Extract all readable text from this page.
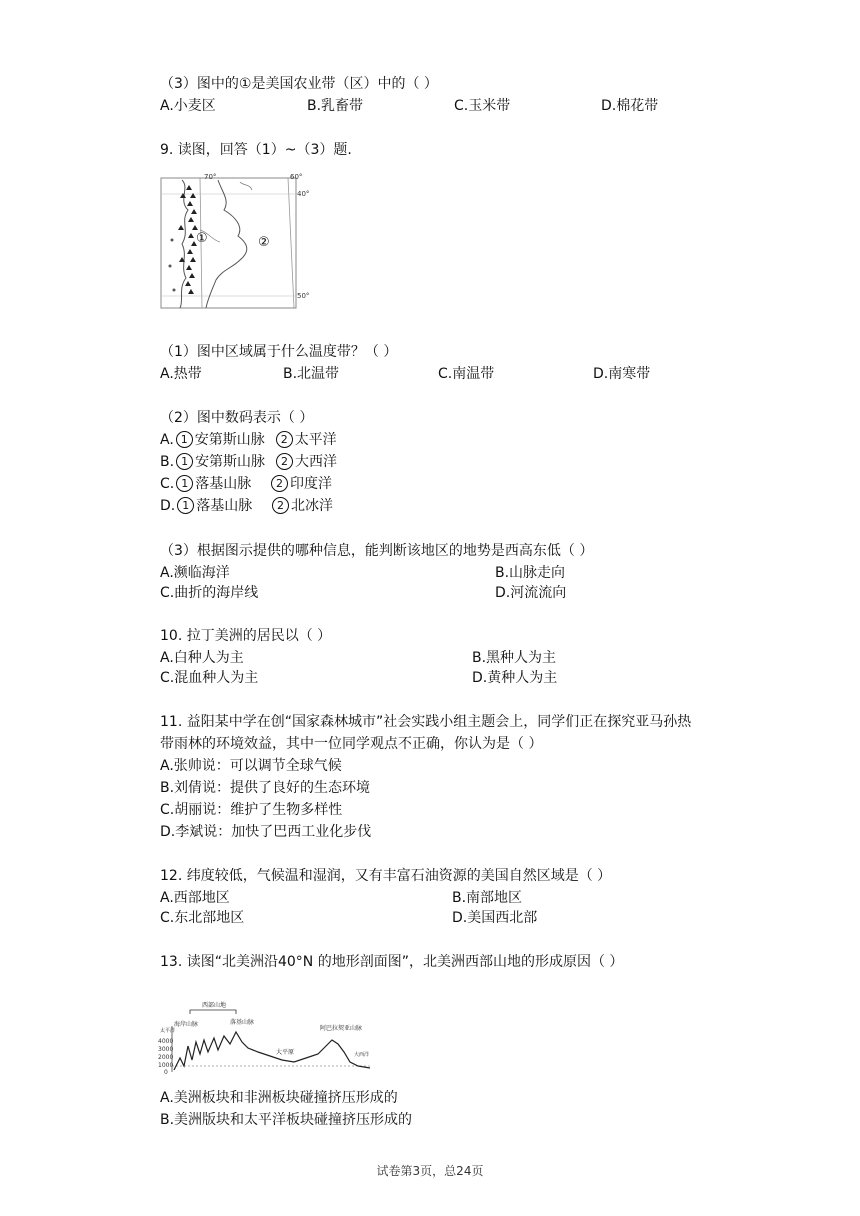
（3）图中的①是美国农业带（区）中的（ ）
A.小麦区	B.乳畜带	C.玉米带	D.棉花带
9. 读图，回答（1）~（3）题.
70°	60°
40°
50°
①	②
（1）图中区域属于什么温度带？（ ）
A.热带	B.北温带	C.南温带	D.南寒带
（2）图中数码表示（ ）
A. 1 安第斯山脉 2 太平洋
B. 1 安第斯山脉 2 大西洋
C. 1 落基山脉 2 印度洋
D. 1 落基山脉 2 北冰洋
（3）根据图示提供的哪种信息，能判断该地区的地势是西高东低（ ）
A.濒临海洋	B.山脉走向
C.曲折的海岸线	D.河流流向
10. 拉丁美洲的居民以（ ）
A.白种人为主	B.黑种人为主
C.混血种人为主	D.黄种人为主
11. 益阳某中学在创“国家森林城市”社会实践小组主题会上，同学们正在探究亚马孙热
带雨林的环境效益，其中一位同学观点不正确，你认为是（ ）
A.张帅说：可以调节全球气候
B.刘倩说：提供了良好的生态环境
C.胡丽说：维护了生物多样性
D.李斌说：加快了巴西工业化步伐
12. 纬度较低，气候温和湿润，又有丰富石油资源的美国自然区域是（ ）
A.西部地区	B.南部地区
C.东北部地区	D.美国西北部
13. 读图“北美洲沿40°N 的地形剖面图”，北美洲西部山地的形成原因（ ）
4000
3000
2000
1000
0
西部山地
海岸山脉	落基山脉
大平原
阿巴拉契亚山脉
太平洋
大西洋
A.美洲板块和非洲板块碰撞挤压形成的
B.美洲版块和太平洋板块碰撞挤压形成的
试卷第3页，总24页
